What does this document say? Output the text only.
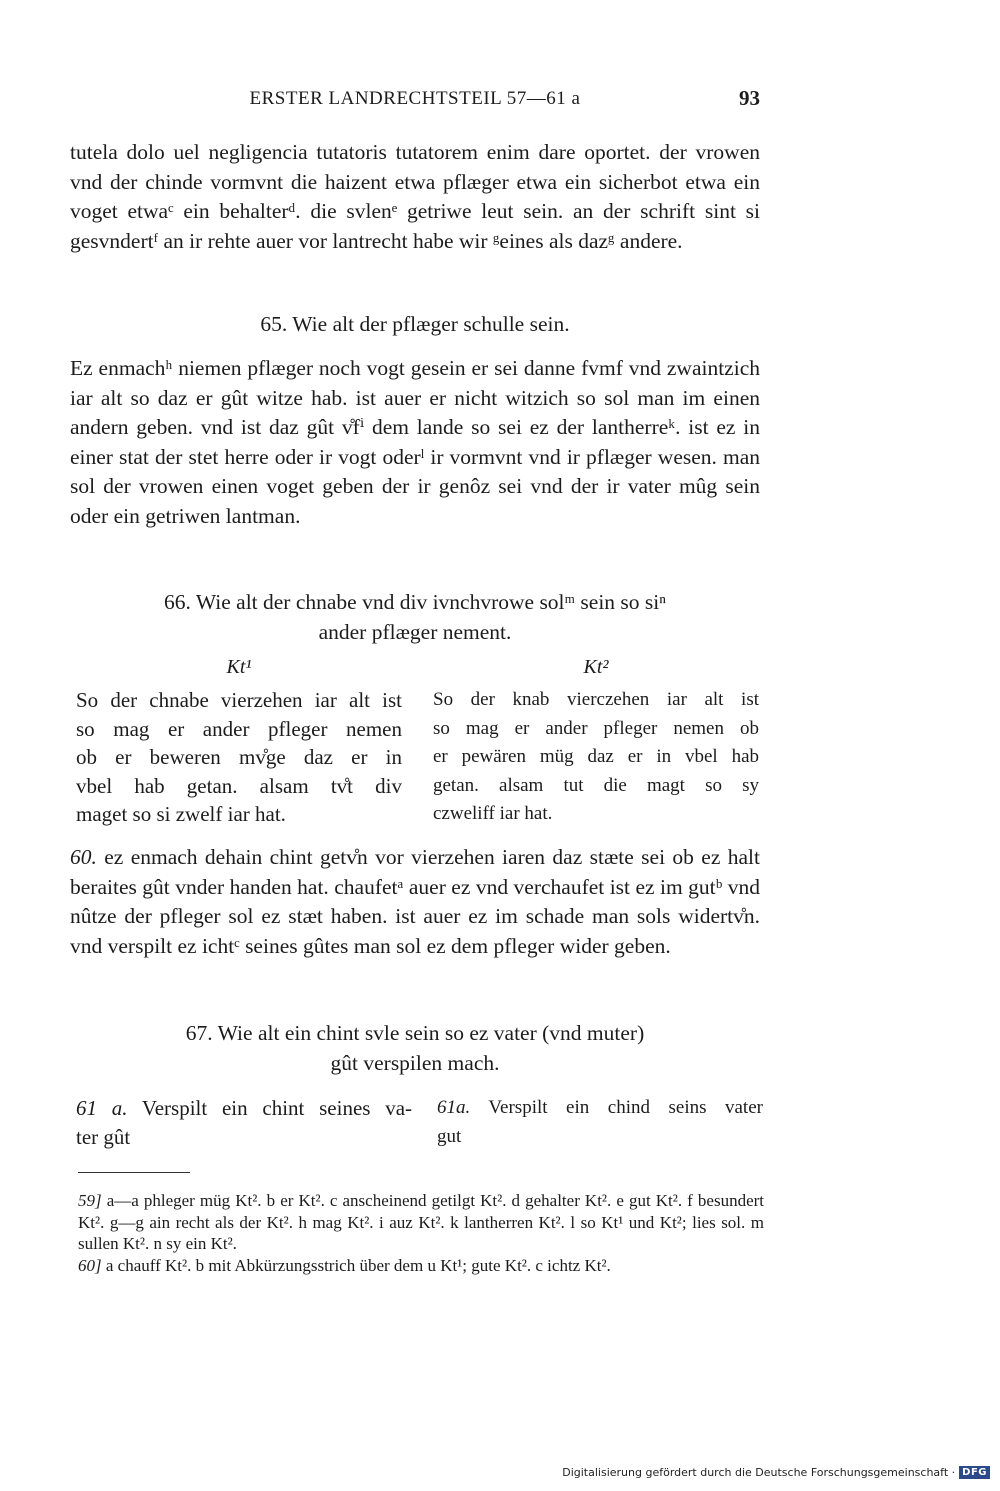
ERSTER LANDRECHTSTEIL 57—61 a	93

tutela dolo uel negligencia tutatoris tutatorem enim dare oportet. der vrowen vnd der chinde vormvnt die haizent etwa pflæger etwa ein sicherbot etwa ein voget etwaᶜ ein behalterᵈ. die svlenᵉ getriwe leut sein. an der schrift sint si gesvndertᶠ an ir rehte auer vor lantrecht habe wir ᵍeines als dazᵍ andere.

65. Wie alt der pflæger schulle sein.

Ez enmachʰ niemen pflæger noch vogt gesein er sei danne fvmf vnd zwaintzich iar alt so daz er gût witze hab. ist auer er nicht witzich so sol man im einen andern geben. vnd ist daz gût v̊fⁱ dem lande so sei ez der lantherreᵏ. ist ez in einer stat der stet herre oder ir vogt oderˡ ir vormvnt vnd ir pflæger wesen. man sol der vrowen einen voget geben der ir genôz sei vnd der ir vater mûg sein oder ein getriwen lantman.

66. Wie alt der chnabe vnd div ivnchvrowe solᵐ sein so siⁿ
ander pflæger nement.
Kt¹	Kt²
So der chnabe vierzehen iar alt ist
so mag er ander pfleger nemen
ob er beweren mv̊ge daz er in
vbel hab getan. alsam tv̊t div
maget so si zwelf iar hat.
So der knab vierczehen iar alt ist
so mag er ander pfleger nemen ob
er pewären müg daz er in vbel hab
getan. alsam tut die magt so sy
czweliff iar hat.

60. ez enmach dehain chint getv̊n vor vierzehen iaren daz stæte sei ob ez halt beraites gût vnder handen hat. chaufetᵃ auer ez vnd verchaufet ist ez im gutᵇ vnd nûtze der pfleger sol ez stæt haben. ist auer ez im schade man sols widertv̊n. vnd verspilt ez ichtᶜ seines gûtes man sol ez dem pfleger wider geben.

67. Wie alt ein chint svle sein so ez vater (vnd muter)
gût verspilen mach.
61 a. Verspilt ein chint seines va-
ter gût
61a. Verspilt ein chind seins vater
gut

59] a—a phleger müg Kt². b er Kt². c anscheinend getilgt Kt². d gehalter Kt². e gut Kt². f besundert Kt². g—g ain recht als der Kt². h mag Kt². i auz Kt². k lantherren Kt². l so Kt¹ und Kt²; lies sol. m sullen Kt². n sy ein Kt².

60] a chauff Kt². b mit Abkürzungsstrich über dem u Kt¹; gute Kt². c ichtz Kt².

Digitalisierung gefördert durch die Deutsche Forschungsgemeinschaft · DFG
